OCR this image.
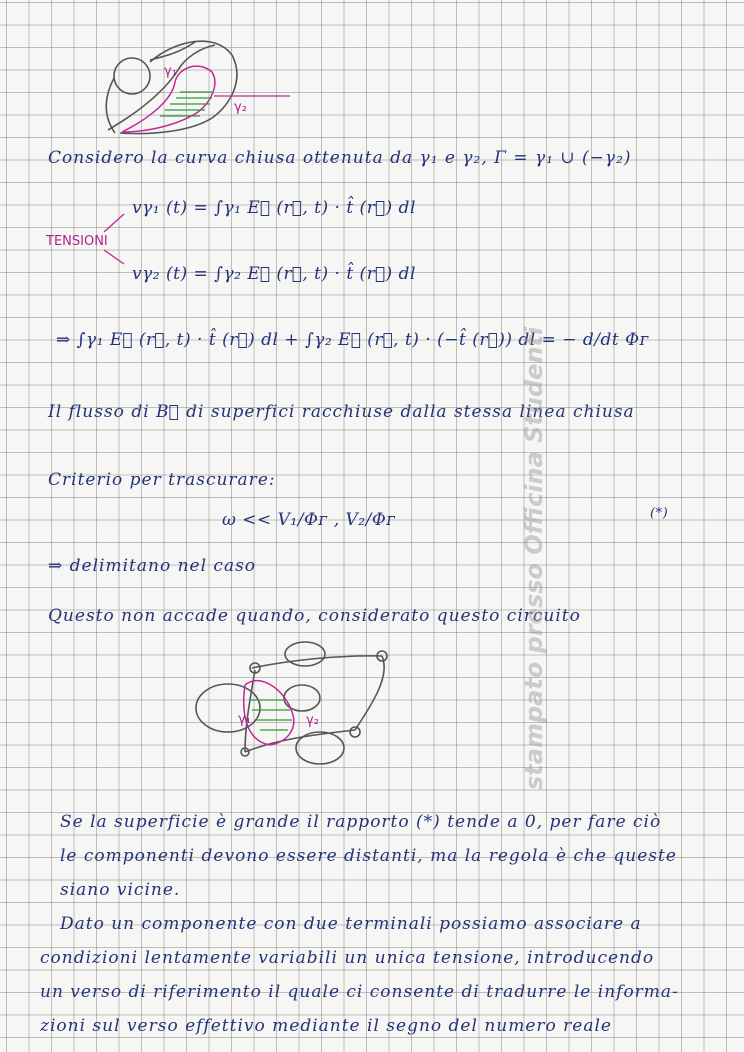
γ₁
γ₂
γ₁	γ₂
Considero la curva chiusa ottenuta da γ₁ e γ₂, Γ = γ₁ ∪ (−γ₂)
vγ₁ (t) = ∫γ₁ E⃗ (r⃗, t) · t̂ (r⃗) dl
TENSIONI
vγ₂ (t) = ∫γ₂ E⃗ (r⃗, t) · t̂ (r⃗) dl
⇒ ∫γ₁ E⃗ (r⃗, t) · t̂ (r⃗) dl + ∫γ₂ E⃗ (r⃗, t) · (−t̂ (r⃗)) dl = − d/dt Φᴦ
Il flusso di B⃗ di superfici racchiuse dalla stessa linea chiusa
Criterio per trascurare:
ω << V₁/Φᴦ , V₂/Φᴦ	(*)
⇒ delimitano nel caso
Questo non accade quando, considerato questo circuito
Se la superficie è grande il rapporto (*) tende a 0, per fare ciò
le componenti devono essere distanti, ma la regola è che queste
siano vicine.
Dato un componente con due terminali possiamo associare a
condizioni lentamente variabili un unica tensione, introducendo
un verso di riferimento il quale ci consente di tradurre le informa-
zioni sul verso effettivo mediante il segno del numero reale
stampato presso Officina Studenti
